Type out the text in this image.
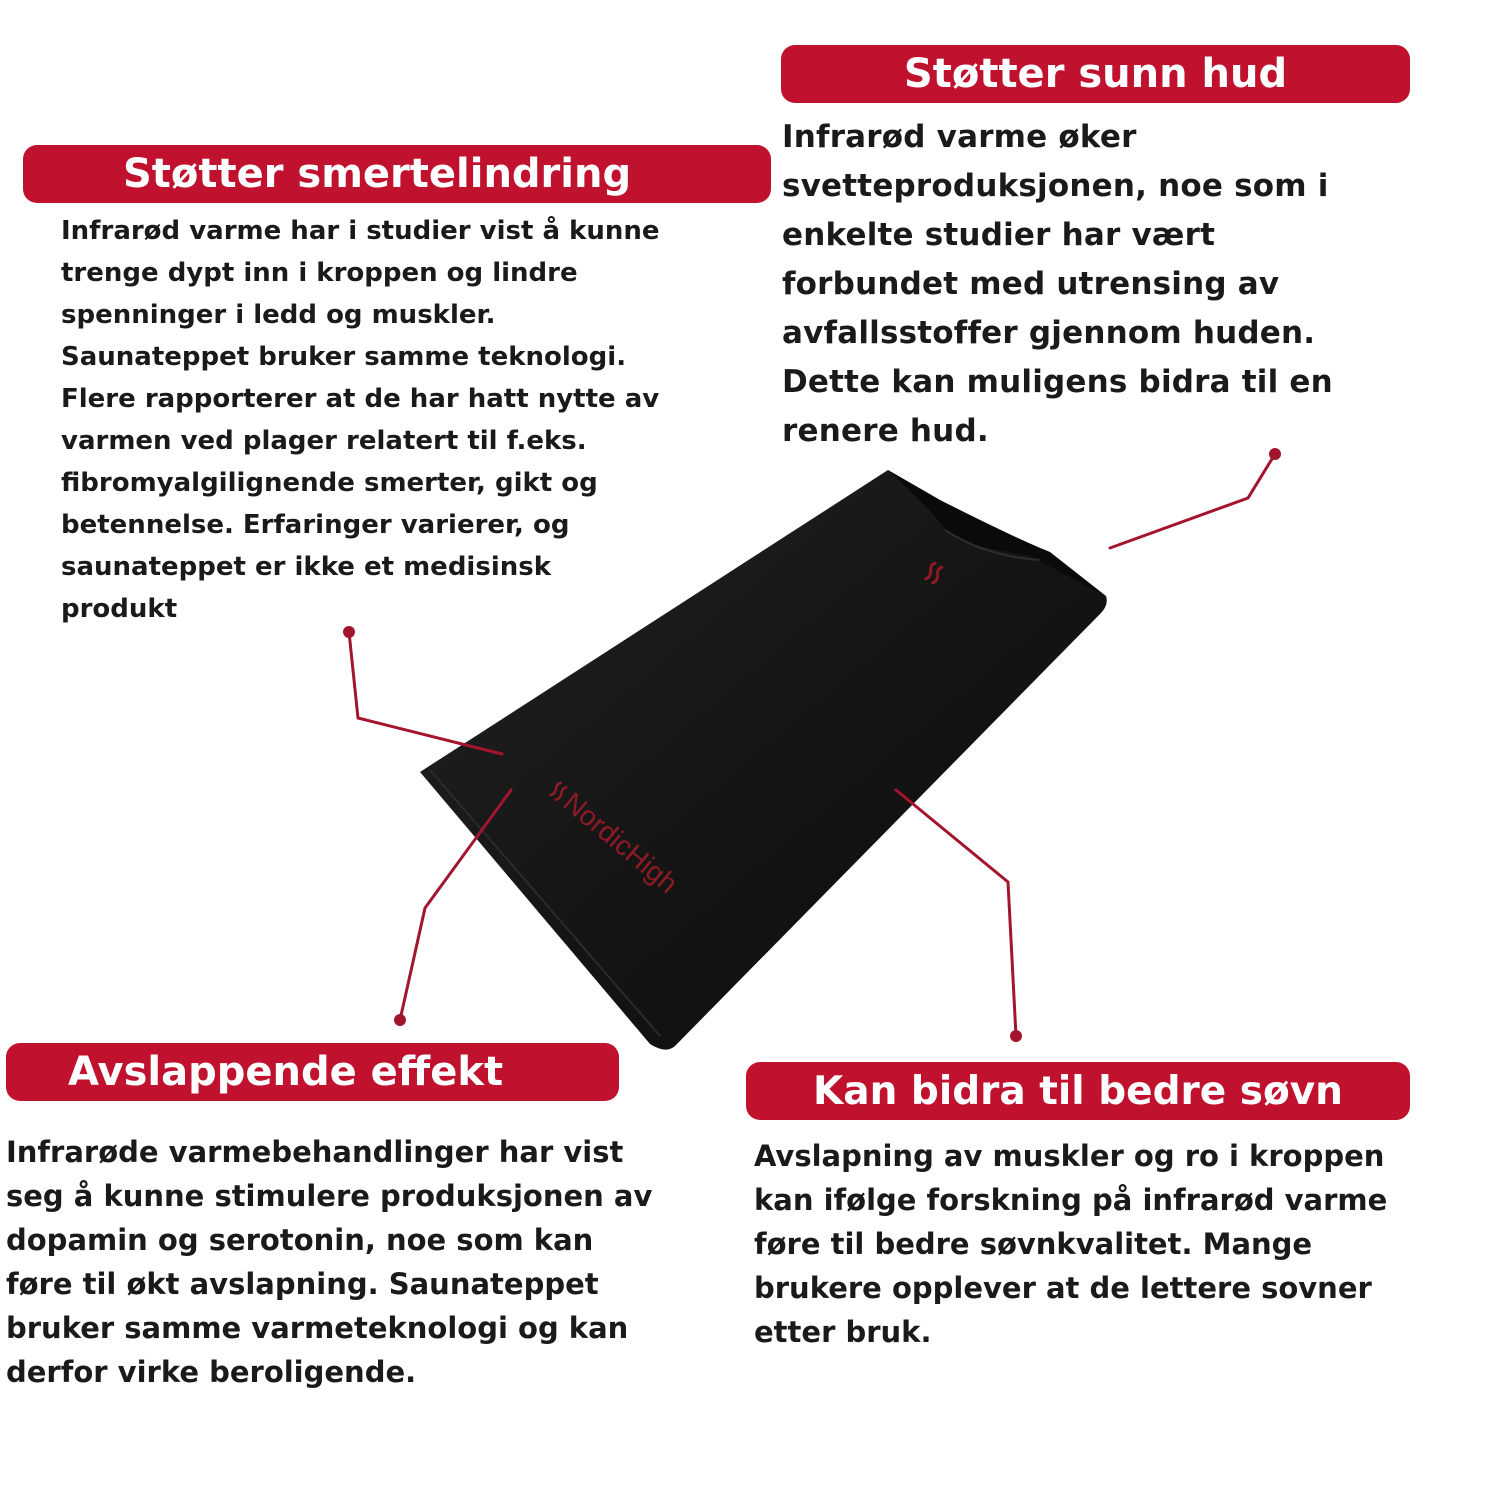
NordicHigh
Støtter sunn hud

Infrarød varme øker
svetteproduksjonen, noe som i
enkelte studier har vært
forbundet med utrensing av
avfallsstoffer gjennom huden.
Dette kan muligens bidra til en
renere hud.

Støtter smertelindring

Infrarød varme har i studier vist å kunne
trenge dypt inn i kroppen og lindre
spenninger i ledd og muskler.
Saunateppet bruker samme teknologi.
Flere rapporterer at de har hatt nytte av
varmen ved plager relatert til f.eks.
fibromyalgilignende smerter, gikt og
betennelse. Erfaringer varierer, og
saunateppet er ikke et medisinsk
produkt

Avslappende effekt

Infrarøde varmebehandlinger har vist
seg å kunne stimulere produksjonen av
dopamin og serotonin, noe som kan
føre til økt avslapning. Saunateppet
bruker samme varmeteknologi og kan
derfor virke beroligende.

Kan bidra til bedre søvn

Avslapning av muskler og ro i kroppen
kan ifølge forskning på infrarød varme
føre til bedre søvnkvalitet. Mange
brukere opplever at de lettere sovner
etter bruk.
